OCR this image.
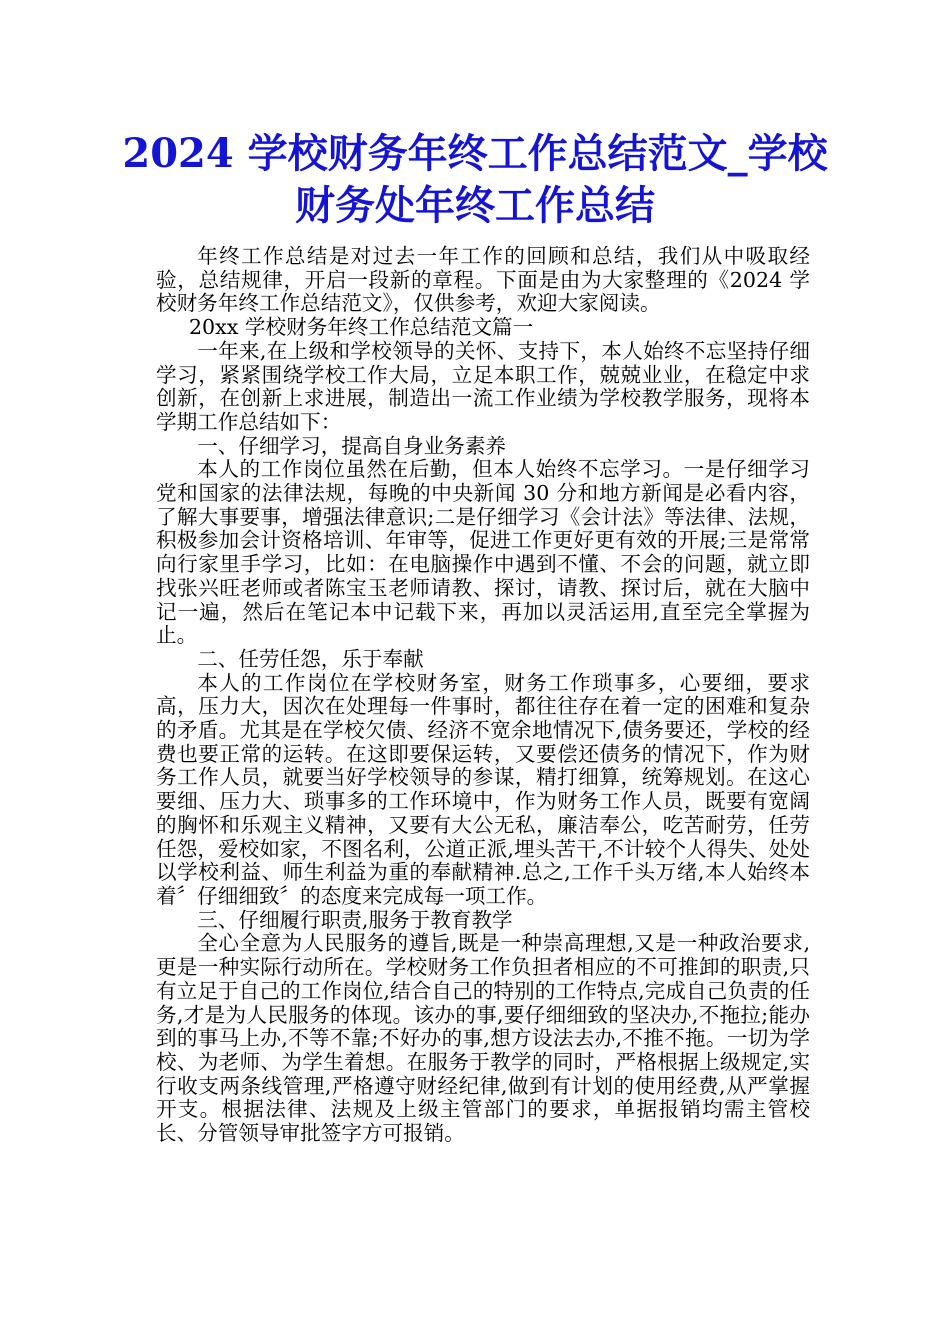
2024 学校财务年终工作总结范文_学校财务处年终工作总结

年终工作总结是对过去一年工作的回顾和总结，我们从中吸取经验，总结规律，开启一段新的章程。下面是由为大家整理的《2024 学校财务年终工作总结范文》，仅供参考，欢迎大家阅读。

20xx 学校财务年终工作总结范文篇一

一年来,在上级和学校领导的关怀、支持下，本人始终不忘坚持仔细学习，紧紧围绕学校工作大局，立足本职工作，兢兢业业，在稳定中求创新，在创新上求进展，制造出一流工作业绩为学校教学服务，现将本学期工作总结如下：

一、仔细学习，提高自身业务素养

本人的工作岗位虽然在后勤，但本人始终不忘学习。一是仔细学习党和国家的法律法规，每晚的中央新闻 30 分和地方新闻是必看内容，了解大事要事，增强法律意识;二是仔细学习《会计法》等法律、法规，积极参加会计资格培训、年审等，促进工作更好更有效的开展;三是常常向行家里手学习，比如：在电脑操作中遇到不懂、不会的问题，就立即找张兴旺老师或者陈宝玉老师请教、探讨，请教、探讨后，就在大脑中记一遍，然后在笔记本中记载下来，再加以灵活运用,直至完全掌握为止。

二、任劳任怨，乐于奉献

本人的工作岗位在学校财务室，财务工作琐事多，心要细，要求高，压力大，因次在处理每一件事时，都往往存在着一定的困难和复杂的矛盾。尤其是在学校欠债、经济不宽余地情况下,债务要还，学校的经费也要正常的运转。在这即要保运转，又要偿还债务的情况下，作为财务工作人员，就要当好学校领导的参谋，精打细算，统筹规划。在这心要细、压力大、琐事多的工作环境中，作为财务工作人员，既要有宽阔的胸怀和乐观主义精神，又要有大公无私，廉洁奉公，吃苦耐劳，任劳任怨，爱校如家，不图名利，公道正派,埋头苦干,不计较个人得失、处处以学校利益、师生利益为重的奉献精神.总之,工作千头万绪,本人始终本着〞仔细细致〞的态度来完成每一项工作。

三、仔细履行职责,服务于教育教学

全心全意为人民服务的遵旨,既是一种崇高理想,又是一种政治要求,更是一种实际行动所在。学校财务工作负担者相应的不可推卸的职责,只有立足于自己的工作岗位,结合自己的特别的工作特点,完成自己负责的任务,才是为人民服务的体现。该办的事,要仔细细致的坚决办,不拖拉;能办到的事马上办,不等不靠;不好办的事,想方设法去办,不推不拖。一切为学校、为老师、为学生着想。在服务于教学的同时，严格根据上级规定,实行收支两条线管理,严格遵守财经纪律,做到有计划的使用经费,从严掌握开支。根据法律、法规及上级主管部门的要求，单据报销均需主管校长、分管领导审批签字方可报销。
